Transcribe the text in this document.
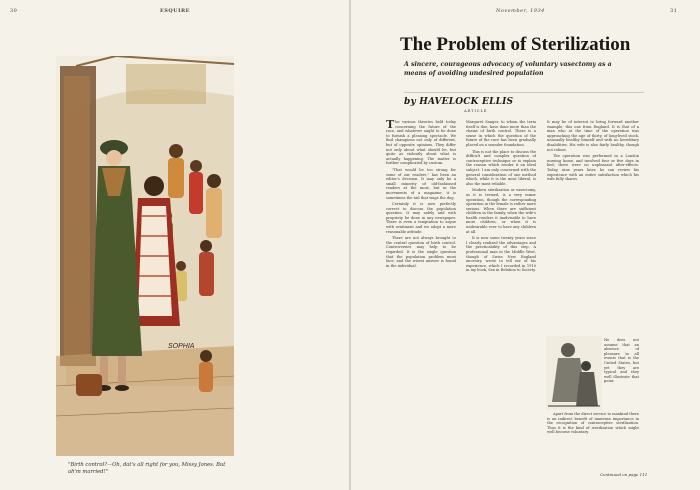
30	ESQUIRE
SOPHIA
"Birth control?—Oh, dat's all right for you, Missy Jones. But ah'm married!"
November, 1934	31
The Problem of Sterilization
A sincere, courageous advocacy of voluntary vasectomy as a means of avoiding undesired population
by HAVELOCK ELLIS
ARTICLE

The various theories held today concerning the future of the race, and whatever ought to be done to furnish a pleasing spectacle. We find champions not only of different, but of opposite opinions. They differ not only about what should be, but quite as violently about what is actually happening. The matter is further complicated by custom.

"That would be too strong for some of our readers," has been an editor's decision. It may only be a small minority of old-fashioned readers at the most, but in the movements of a magazine, it is sometimes the tail that wags the dog.

Certainly it is now perfectly correct to discuss the population question. It may safely and with propriety be done in any newspaper. There is even a temptation to argue with sentiment and we adopt a more reasonable attitude.

There are not always brought to the central question of birth control. Controversies may help to be regarded. It is the single question that the population problem must face, and the wisest answer is found in the individual.

Margaret Sanger, to whom the term itself is due, have done more than the chains of birth control. There is a sense in which the question of the future of the race has been gradually placed on a sounder foundation.

This is not the place to discuss the difficult and complex question of contraceptive technique or to explain the reason which render it an ideal subject. I am only concerned with the general consideration of one method which, while it is the most liberal, is also the most reliable.

Modern sterilization or vasectomy, as it is termed, is a very minor operation, though the corresponding operation in the female is rather more serious. When there are sufficient children in the family, when the wife's health renders it inadvisable to have more children, or when it is undesirable ever to have any children at all.

It is now some twenty years since I clearly realized the advantages and the practicability of this step. A professional man in the Middle West, though of Swiss New England ancestry, wrote to tell me of his experience, which I recorded in 1910 in my book, Sex in Relation to Society.

It may be of interest to bring forward another example, this one from England. It is that of a man who at the time of the operation was approaching the age of thirty, of long-lived stock, unusually healthy himself and with no hereditary disabilities. His wife is also fairly healthy, though not robust.

The operation was performed in a London nursing home, and involved four or five days in bed; there were no unpleasant after-effects. Today, nine years later, he can review his experience with an entire satisfaction which his wife fully shares.

He does not assume that an absence of pleasure in all events that is the United States, but yet they are typical and they well illustrate that point.

Apart from the direct service to mankind there is an indirect benefit of immense importance in the recognition of contraceptive sterilization. Thus it is the kind of sterilization which might well become voluntary.

Continued on page 111
